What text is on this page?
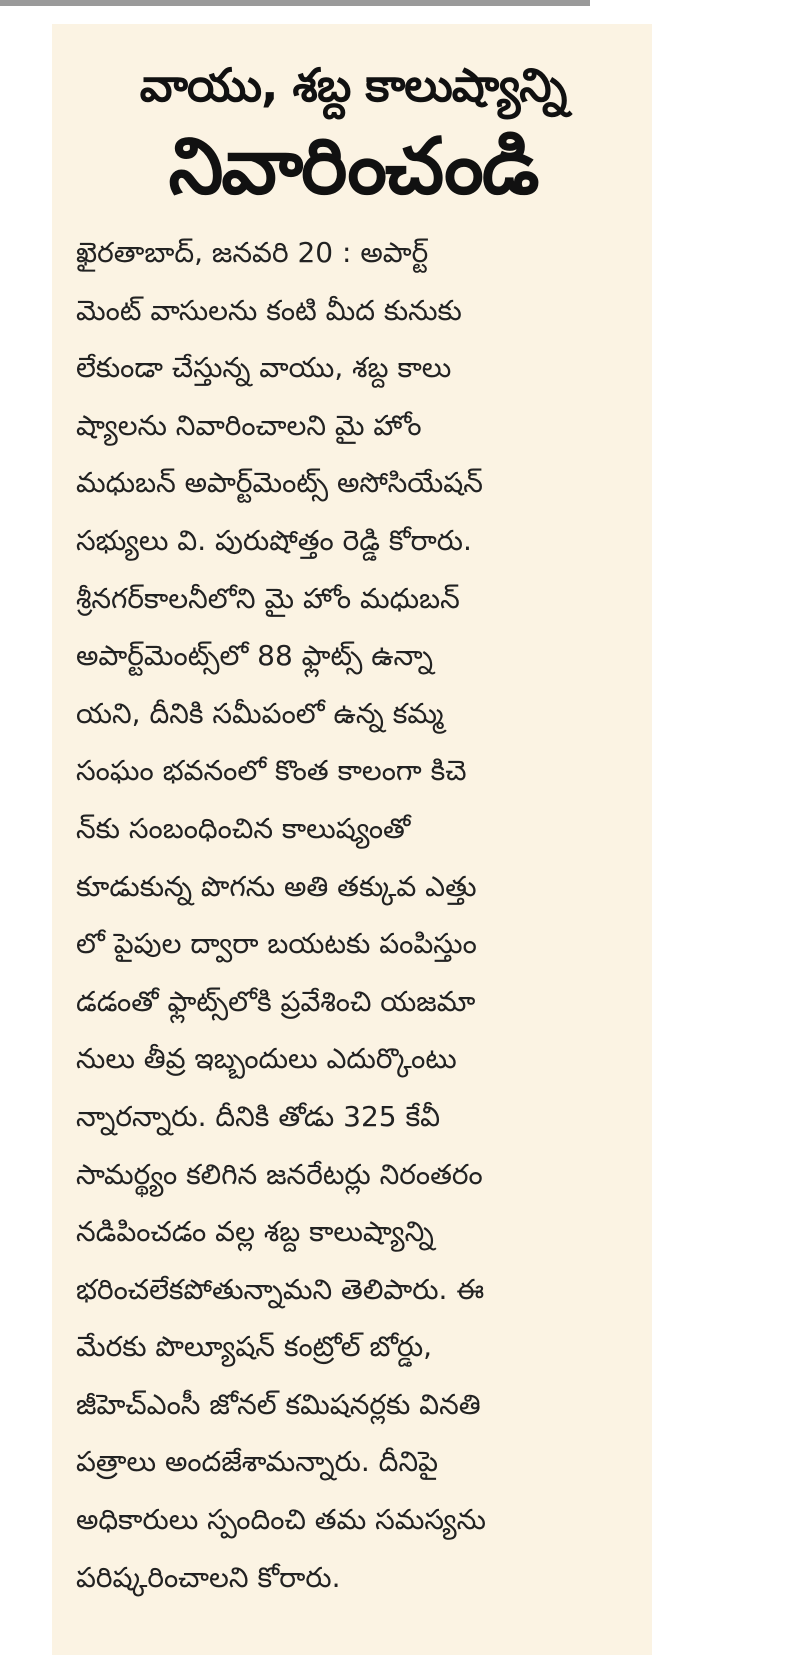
వాయు, శబ్ద కాలుష్యాన్ని
నివారించండి
ఖైరతాబాద్, జనవరి 20 : అపార్ట్
మెంట్ వాసులను కంటి మీద కునుకు
లేకుండా చేస్తున్న వాయు, శబ్ద కాలు
ష్యాలను నివారించాలని మై హోం
మధుబన్ అపార్ట్‌మెంట్స్ అసోసియేషన్
సభ్యులు వి. పురుషోత్తం రెడ్డి కోరారు.
శ్రీనగర్‌కాలనీలోని మై హోం మధుబన్
అపార్ట్‌మెంట్స్‌లో 88 ఫ్లాట్స్ ఉన్నా
యని, దీనికి సమీపంలో ఉన్న కమ్మ
సంఘం భవనంలో కొంత కాలంగా కిచె
న్‌కు సంబంధించిన కాలుష్యంతో
కూడుకున్న పొగను అతి తక్కువ ఎత్తు
లో పైపుల ద్వారా బయటకు పంపిస్తుం
డడంతో ఫ్లాట్స్‌లోకి ప్రవేశించి యజమా
నులు తీవ్ర ఇబ్బందులు ఎదుర్కొంటు
న్నారన్నారు. దీనికి తోడు 325 కేవీ
సామర్థ్యం కలిగిన జనరేటర్లు నిరంతరం
నడిపించడం వల్ల శబ్ద కాలుష్యాన్ని
భరించలేకపోతున్నామని తెలిపారు. ఈ
మేరకు పొల్యూషన్ కంట్రోల్ బోర్డు,
జీహెచ్ఎంసీ జోనల్ కమిషనర్లకు వినతి
పత్రాలు అందజేశామన్నారు. దీనిపై
అధికారులు స్పందించి తమ సమస్యను
పరిష్కరించాలని కోరారు.
